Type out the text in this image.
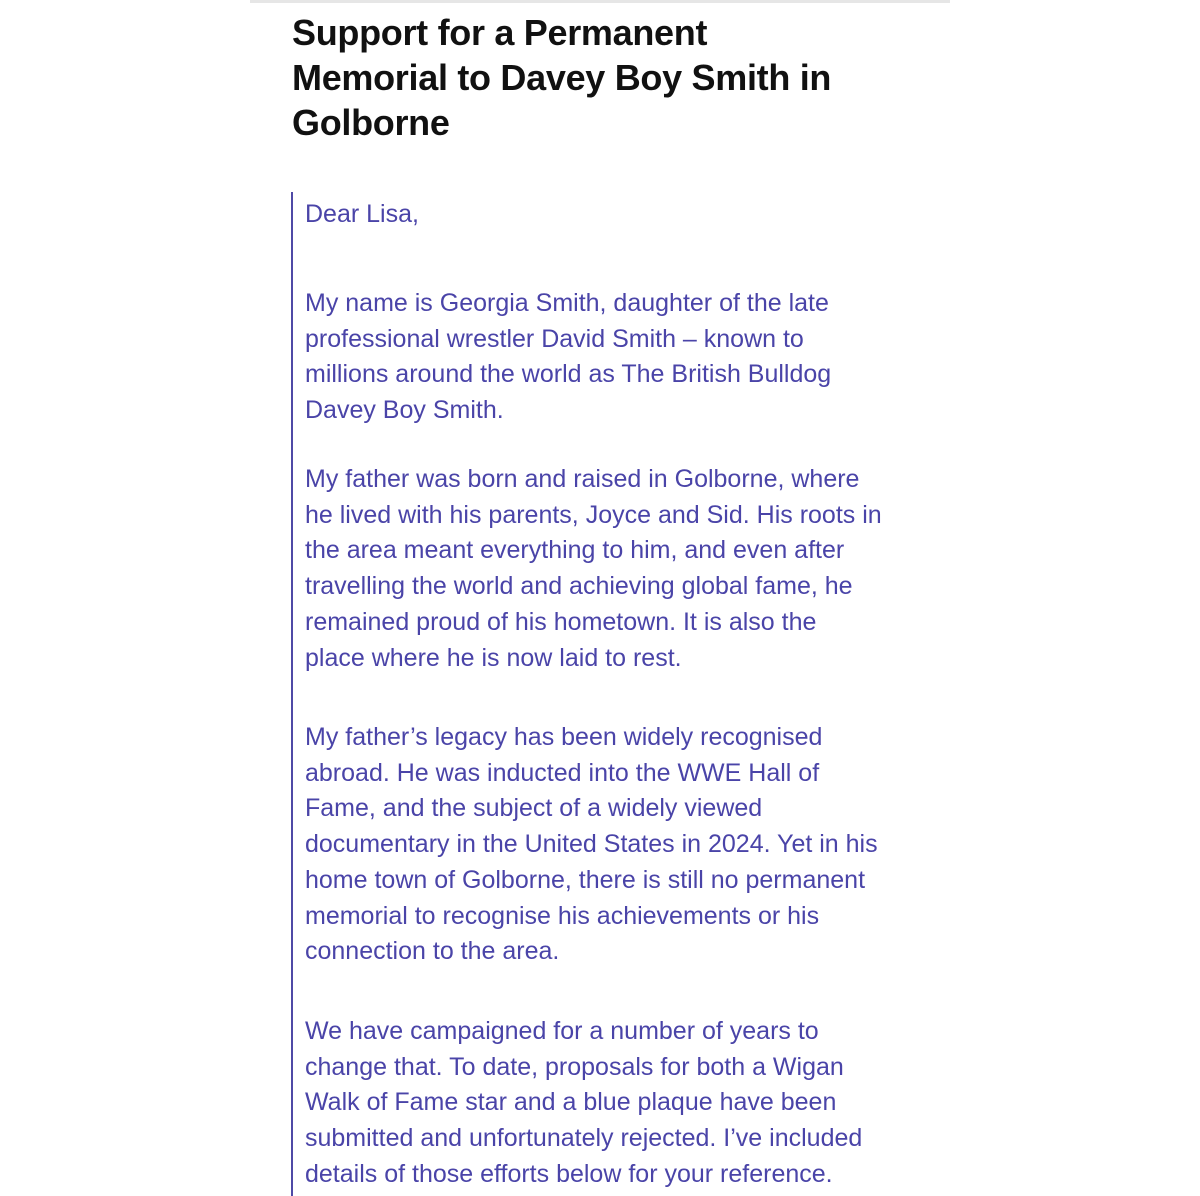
Support for a Permanent
Memorial to Davey Boy Smith in
Golborne

Dear Lisa,

My name is Georgia Smith, daughter of the late
professional wrestler David Smith – known to
millions around the world as The British Bulldog
Davey Boy Smith.

My father was born and raised in Golborne, where
he lived with his parents, Joyce and Sid. His roots in
the area meant everything to him, and even after
travelling the world and achieving global fame, he
remained proud of his hometown. It is also the
place where he is now laid to rest.

My father’s legacy has been widely recognised
abroad. He was inducted into the WWE Hall of
Fame, and the subject of a widely viewed
documentary in the United States in 2024. Yet in his
home town of Golborne, there is still no permanent
memorial to recognise his achievements or his
connection to the area.

We have campaigned for a number of years to
change that. To date, proposals for both a Wigan
Walk of Fame star and a blue plaque have been
submitted and unfortunately rejected. I’ve included
details of those efforts below for your reference.
